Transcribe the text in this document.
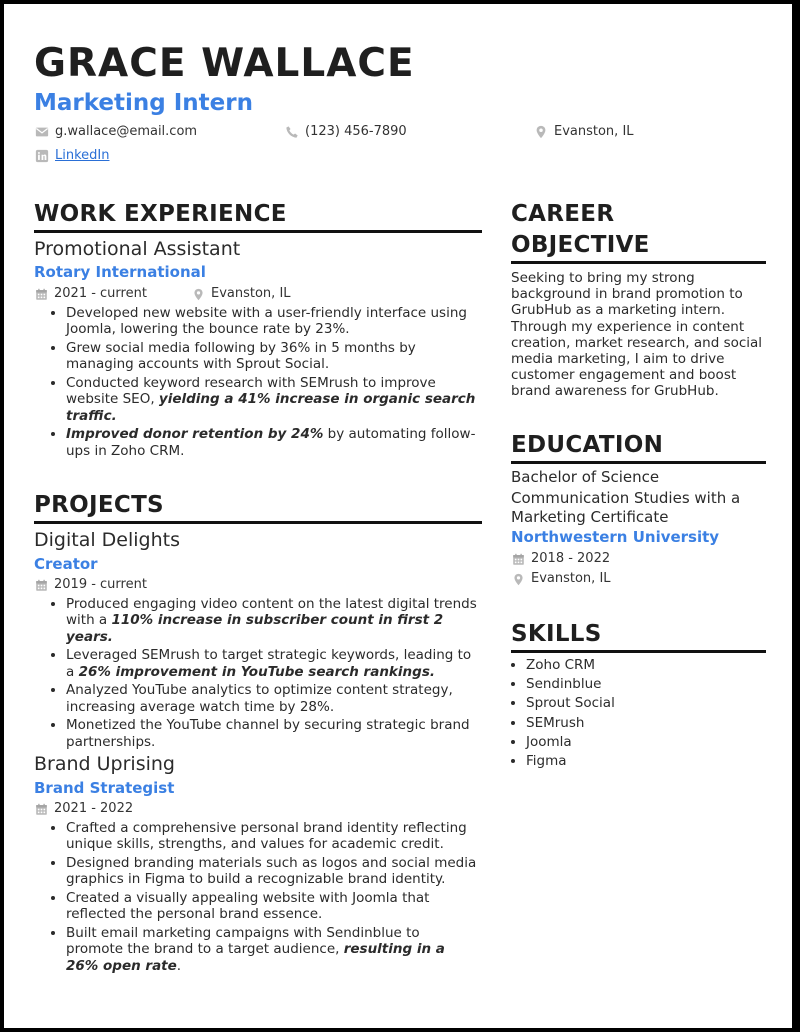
GRACE WALLACE
Marketing Intern
g.wallace@email.com	(123) 456-7890	Evanston, IL
LinkedIn
WORK EXPERIENCE
Promotional Assistant
Rotary International
2021 - current	Evanston, IL
• Developed new website with a user-friendly interface using Joomla, lowering the bounce rate by 23%.
• Grew social media following by 36% in 5 months by managing accounts with Sprout Social.
• Conducted keyword research with SEMrush to improve website SEO, yielding a 41% increase in organic search traffic.
• Improved donor retention by 24% by automating follow-ups in Zoho CRM.
PROJECTS
Digital Delights
Creator
2019 - current
• Produced engaging video content on the latest digital trends with a 110% increase in subscriber count in first 2 years.
• Leveraged SEMrush to target strategic keywords, leading to a 26% improvement in YouTube search rankings.
• Analyzed YouTube analytics to optimize content strategy, increasing average watch time by 28%.
• Monetized the YouTube channel by securing strategic brand partnerships.
Brand Uprising
Brand Strategist
2021 - 2022
• Crafted a comprehensive personal brand identity reflecting unique skills, strengths, and values for academic credit.
• Designed branding materials such as logos and social media graphics in Figma to build a recognizable brand identity.
• Created a visually appealing website with Joomla that reflected the personal brand essence.
• Built email marketing campaigns with Sendinblue to promote the brand to a target audience, resulting in a 26% open rate.
CAREER
OBJECTIVE

Seeking to bring my strong background in brand promotion to GrubHub as a marketing intern. Through my experience in content creation, market research, and social media marketing, I aim to drive customer engagement and boost brand awareness for GrubHub.

EDUCATION
Bachelor of Science
Communication Studies with a
Marketing Certificate
Northwestern University
2018 - 2022
Evanston, IL
SKILLS
• Zoho CRM
• Sendinblue
• Sprout Social
• SEMrush
• Joomla
• Figma
